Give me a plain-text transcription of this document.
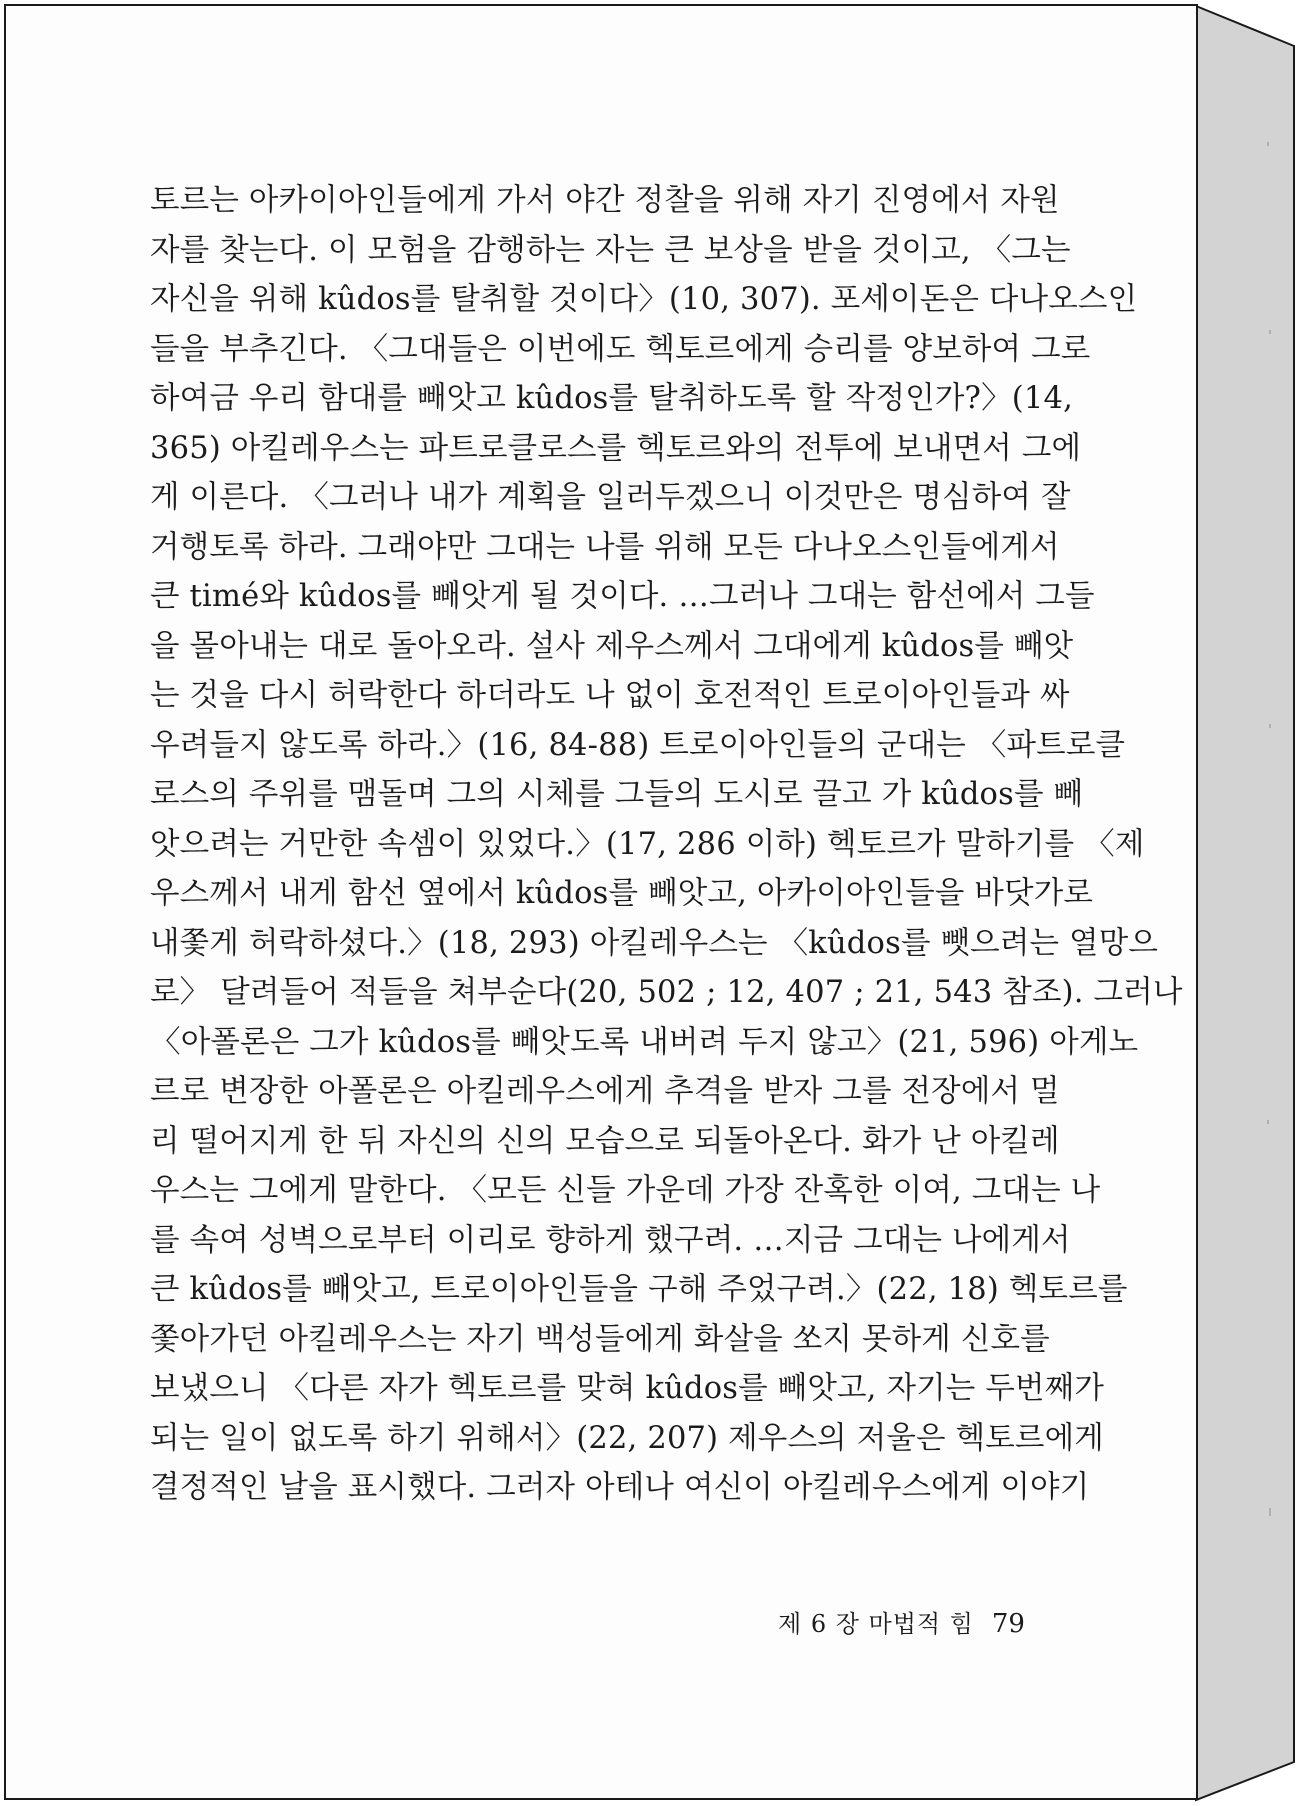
토르는 아카이아인들에게 가서 야간 정찰을 위해 자기 진영에서 자원
자를 찾는다. 이 모험을 감행하는 자는 큰 보상을 받을 것이고, 〈그는
자신을 위해 kûdos를 탈취할 것이다〉(10, 307). 포세이돈은 다나오스인
들을 부추긴다. 〈그대들은 이번에도 헥토르에게 승리를 양보하여 그로
하여금 우리 함대를 빼앗고 kûdos를 탈취하도록 할 작정인가?〉(14,
365) 아킬레우스는 파트로클로스를 헥토르와의 전투에 보내면서 그에
게 이른다. 〈그러나 내가 계획을 일러두겠으니 이것만은 명심하여 잘
거행토록 하라. 그래야만 그대는 나를 위해 모든 다나오스인들에게서
큰 timé와 kûdos를 빼앗게 될 것이다. …그러나 그대는 함선에서 그들
을 몰아내는 대로 돌아오라. 설사 제우스께서 그대에게 kûdos를 빼앗
는 것을 다시 허락한다 하더라도 나 없이 호전적인 트로이아인들과 싸
우려들지 않도록 하라.〉(16, 84-88) 트로이아인들의 군대는 〈파트로클
로스의 주위를 맴돌며 그의 시체를 그들의 도시로 끌고 가 kûdos를 빼
앗으려는 거만한 속셈이 있었다.〉(17, 286 이하) 헥토르가 말하기를 〈제
우스께서 내게 함선 옆에서 kûdos를 빼앗고, 아카이아인들을 바닷가로
내쫓게 허락하셨다.〉(18, 293) 아킬레우스는 〈kûdos를 뺏으려는 열망으
로〉 달려들어 적들을 쳐부순다(20, 502 ; 12, 407 ; 21, 543 참조). 그러나
〈아폴론은 그가 kûdos를 빼앗도록 내버려 두지 않고〉(21, 596) 아게노
르로 변장한 아폴론은 아킬레우스에게 추격을 받자 그를 전장에서 멀
리 떨어지게 한 뒤 자신의 신의 모습으로 되돌아온다. 화가 난 아킬레
우스는 그에게 말한다. 〈모든 신들 가운데 가장 잔혹한 이여, 그대는 나
를 속여 성벽으로부터 이리로 향하게 했구려. …지금 그대는 나에게서
큰 kûdos를 빼앗고, 트로이아인들을 구해 주었구려.〉(22, 18) 헥토르를
쫓아가던 아킬레우스는 자기 백성들에게 화살을 쏘지 못하게 신호를
보냈으니 〈다른 자가 헥토르를 맞혀 kûdos를 빼앗고, 자기는 두번째가
되는 일이 없도록 하기 위해서〉(22, 207) 제우스의 저울은 헥토르에게
결정적인 날을 표시했다. 그러자 아테나 여신이 아킬레우스에게 이야기
제 6 장 마법적 힘 79
